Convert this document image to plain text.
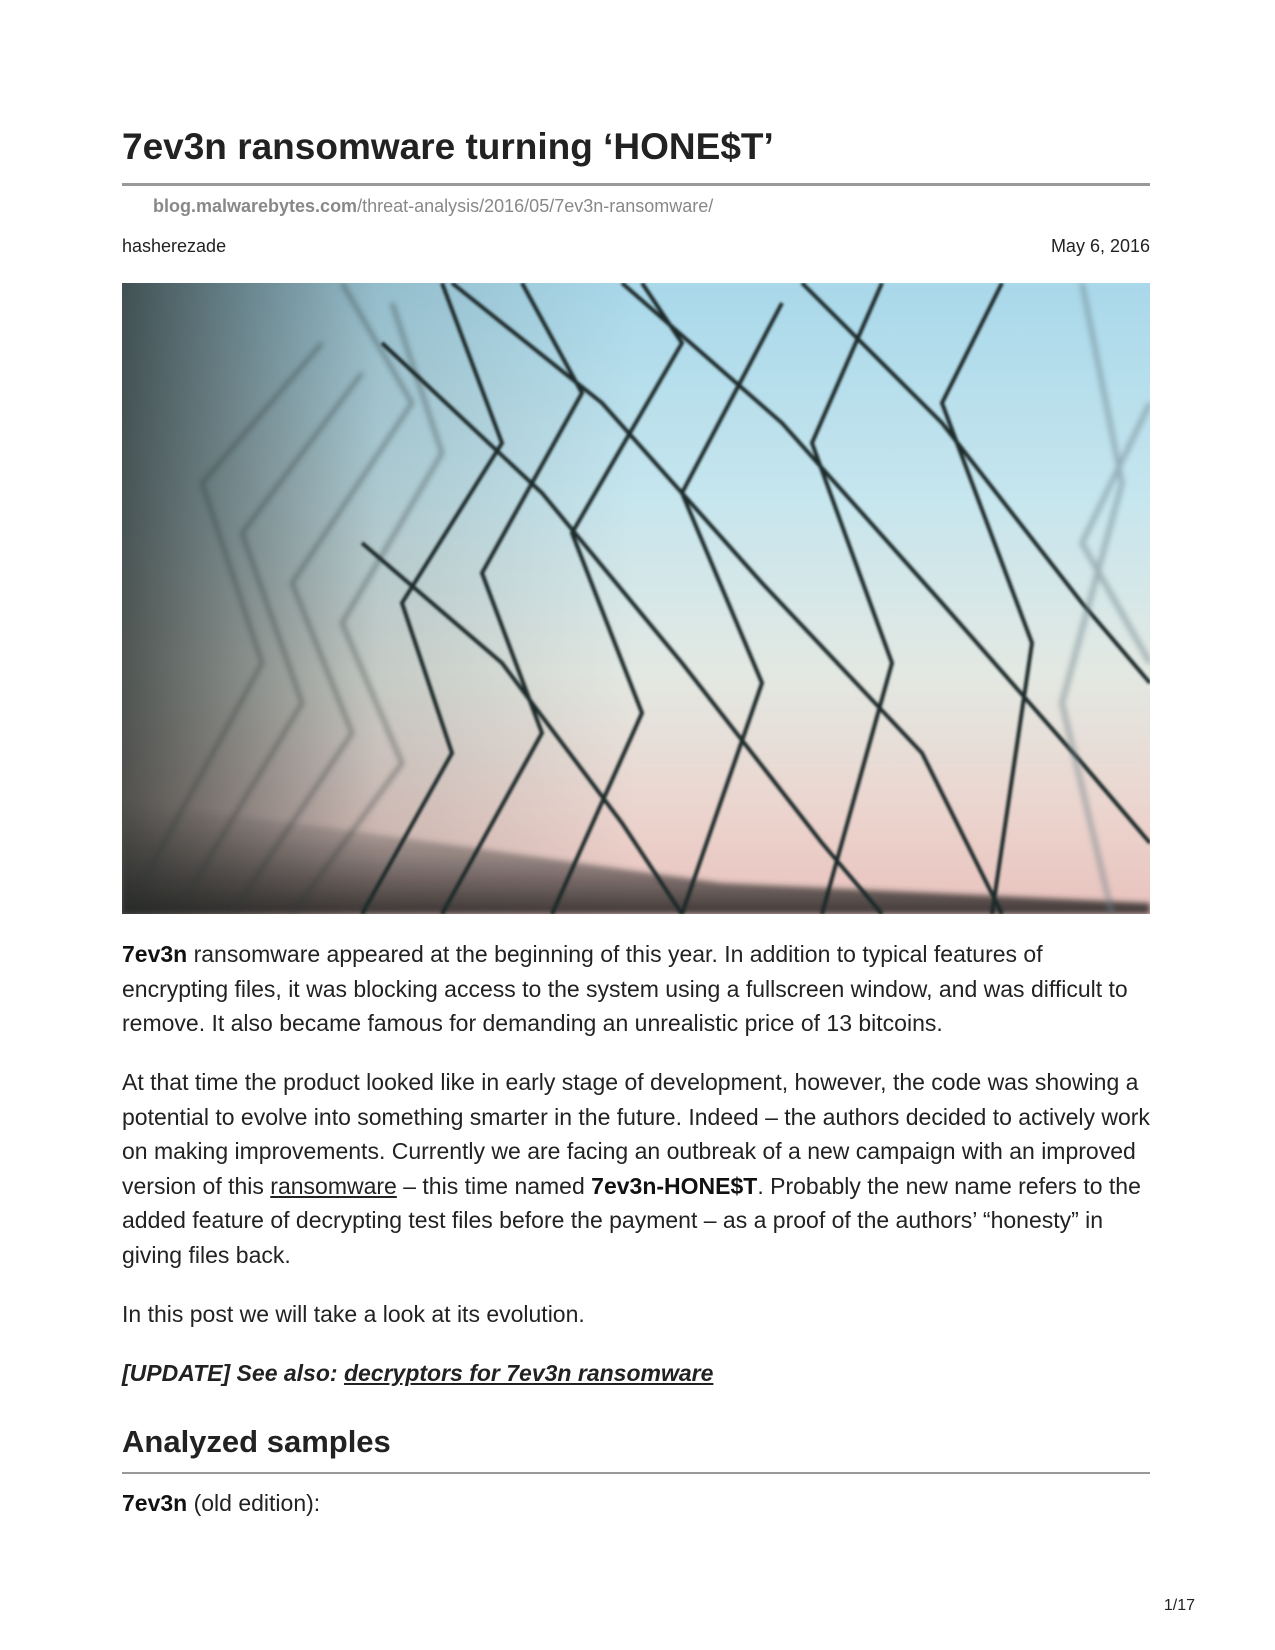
7ev3n ransomware turning ‘HONE$T’
blog.malwarebytes.com/threat-analysis/2016/05/7ev3n-ransomware/
hasherezade	May 6, 2016

7ev3n ransomware appeared at the beginning of this year. In addition to typical features of encrypting files, it was blocking access to the system using a fullscreen window, and was difficult to remove. It also became famous for demanding an unrealistic price of 13 bitcoins.

At that time the product looked like in early stage of development, however, the code was showing a potential to evolve into something smarter in the future. Indeed – the authors decided to actively work on making improvements. Currently we are facing an outbreak of a new campaign with an improved version of this ransomware – this time named 7ev3n-HONE$T. Probably the new name refers to the added feature of decrypting test files before the payment – as a proof of the authors’ “honesty” in giving files back.

In this post we will take a look at its evolution.

[UPDATE] See also: decryptors for 7ev3n ransomware

Analyzed samples

7ev3n (old edition):

1/17
